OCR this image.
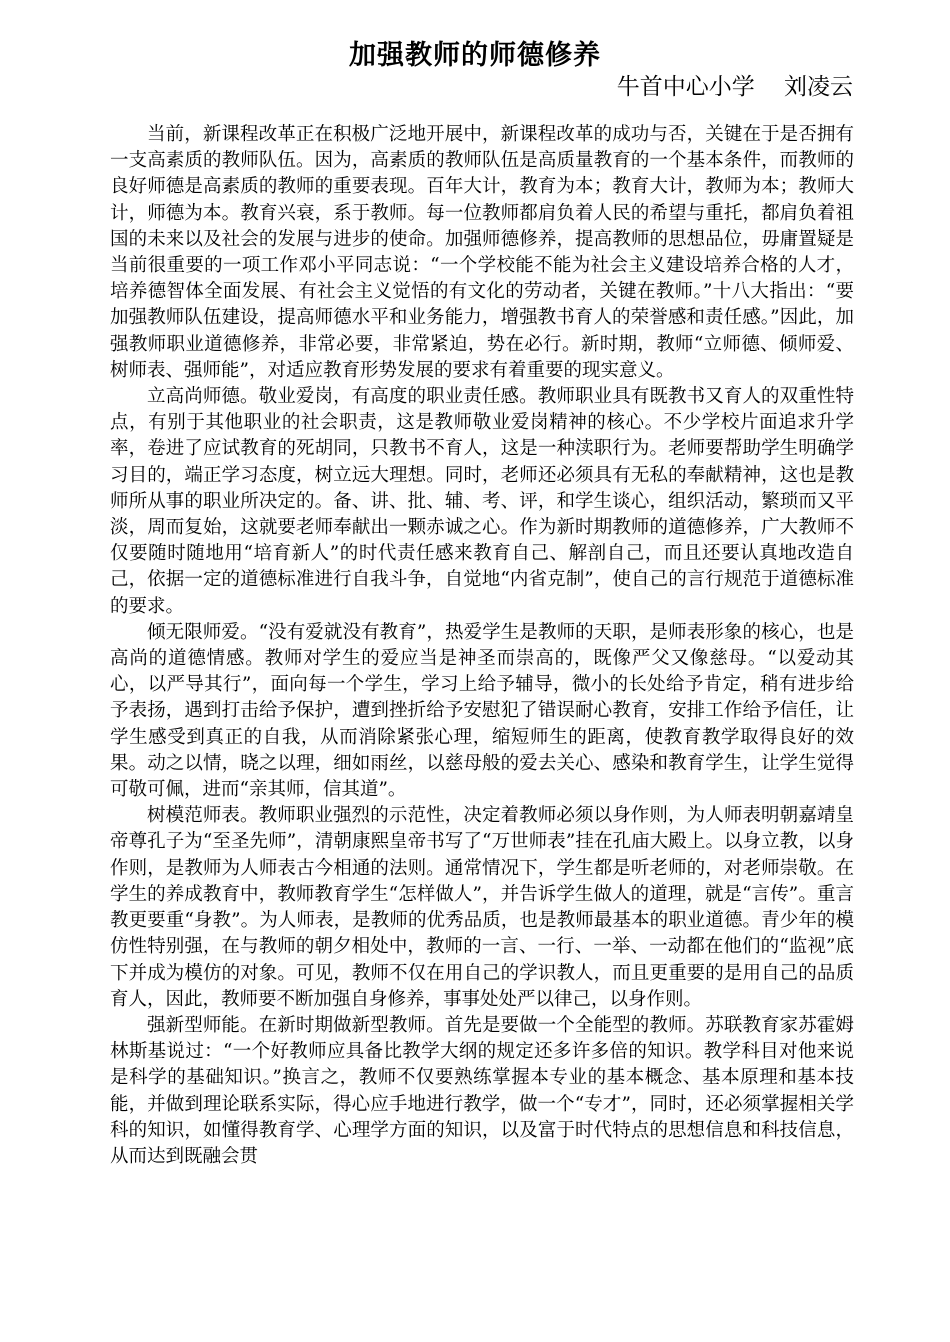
加强教师的师德修养
牛首中心小学    刘凌云

当前，新课程改革正在积极广泛地开展中，新课程改革的成功与否，关键在于是否拥有一支高素质的教师队伍。因为，高素质的教师队伍是高质量教育的一个基本条件，而教师的良好师德是高素质的教师的重要表现。百年大计，教育为本；教育大计，教师为本；教师大计，师德为本。教育兴衰，系于教师。每一位教师都肩负着人民的希望与重托，都肩负着祖国的未来以及社会的发展与进步的使命。加强师德修养，提高教师的思想品位，毋庸置疑是当前很重要的一项工作邓小平同志说：“一个学校能不能为社会主义建设培养合格的人才，培养德智体全面发展、有社会主义觉悟的有文化的劳动者，关键在教师。”十八大指出：“要加强教师队伍建设，提高师德水平和业务能力，增强教书育人的荣誉感和责任感。”因此，加强教师职业道德修养，非常必要，非常紧迫，势在必行。新时期，教师“立师德、倾师爱、树师表、强师能”，对适应教育形势发展的要求有着重要的现实意义。

立高尚师德。敬业爱岗，有高度的职业责任感。教师职业具有既教书又育人的双重性特点，有别于其他职业的社会职责，这是教师敬业爱岗精神的核心。不少学校片面追求升学率，卷进了应试教育的死胡同，只教书不育人，这是一种渎职行为。老师要帮助学生明确学习目的，端正学习态度，树立远大理想。同时，老师还必须具有无私的奉献精神，这也是教师所从事的职业所决定的。备、讲、批、辅、考、评，和学生谈心，组织活动，繁琐而又平淡，周而复始，这就要老师奉献出一颗赤诚之心。作为新时期教师的道德修养，广大教师不仅要随时随地用“培育新人”的时代责任感来教育自己、解剖自己，而且还要认真地改造自己，依据一定的道德标准进行自我斗争，自觉地“内省克制”，使自己的言行规范于道德标准的要求。

倾无限师爱。“没有爱就没有教育”，热爱学生是教师的天职，是师表形象的核心，也是高尚的道德情感。教师对学生的爱应当是神圣而崇高的，既像严父又像慈母。“以爱动其心，以严导其行”，面向每一个学生，学习上给予辅导，微小的长处给予肯定，稍有进步给予表扬，遇到打击给予保护，遭到挫折给予安慰犯了错误耐心教育，安排工作给予信任，让学生感受到真正的自我，从而消除紧张心理，缩短师生的距离，使教育教学取得良好的效果。动之以情，晓之以理，细如雨丝，以慈母般的爱去关心、感染和教育学生，让学生觉得可敬可佩，进而“亲其师，信其道”。

树模范师表。教师职业强烈的示范性，决定着教师必须以身作则，为人师表明朝嘉靖皇帝尊孔子为“至圣先师”，清朝康熙皇帝书写了“万世师表”挂在孔庙大殿上。以身立教，以身作则，是教师为人师表古今相通的法则。通常情况下，学生都是听老师的，对老师崇敬。在学生的养成教育中，教师教育学生“怎样做人”，并告诉学生做人的道理，就是“言传”。重言教更要重“身教”。为人师表，是教师的优秀品质，也是教师最基本的职业道德。青少年的模仿性特别强，在与教师的朝夕相处中，教师的一言、一行、一举、一动都在他们的“监视”底下并成为模仿的对象。可见，教师不仅在用自己的学识教人，而且更重要的是用自己的品质育人，因此，教师要不断加强自身修养，事事处处严以律己，以身作则。

强新型师能。在新时期做新型教师。首先是要做一个全能型的教师。苏联教育家苏霍姆林斯基说过：“一个好教师应具备比教学大纲的规定还多许多倍的知识。教学科目对他来说是科学的基础知识。”换言之，教师不仅要熟练掌握本专业的基本概念、基本原理和基本技能，并做到理论联系实际，得心应手地进行教学，做一个“专才”，同时，还必须掌握相关学科的知识，如懂得教育学、心理学方面的知识，以及富于时代特点的思想信息和科技信息，从而达到既融会贯
